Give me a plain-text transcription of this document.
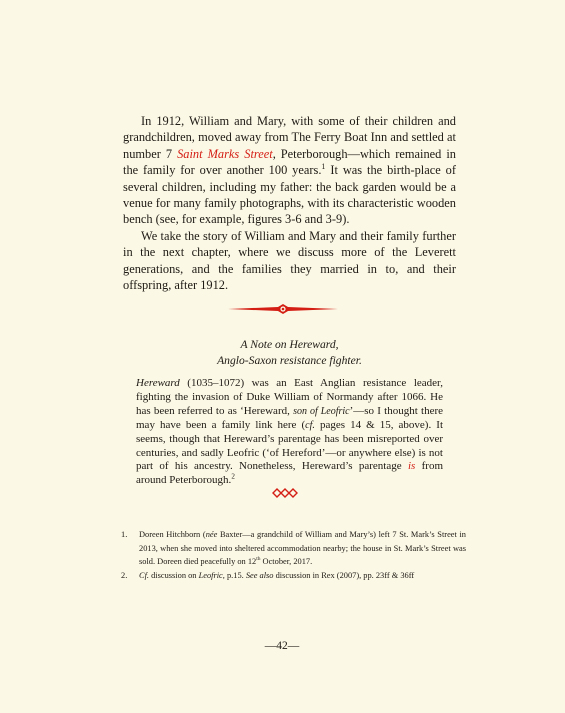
In 1912, William and Mary, with some of their children and grandchildren, moved away from The Ferry Boat Inn and settled at number 7 Saint Marks Street, Peterborough—which remained in the family for over another 100 years.$^1$ It was the birth-place of several children, including my father: the back garden would be a venue for many family photographs, with its characteristic wooden bench (see, for example, figures 3-6 and 3-9).

We take the story of William and Mary and their family further in the next chapter, where we discuss more of the Leverett generations, and the families they married in to, and their offspring, after 1912.

A Note on Hereward,
Anglo-Saxon resistance fighter.
Hereward (1035–1072) was an East Anglian resistance leader, fighting the invasion of Duke William of Normandy after 1066. He has been referred to as ‘Hereward, son of Leofric’—so I thought there may have been a family link here (cf. pages 14 & 15, above). It seems, though that Hereward’s parentage has been misreported over centuries, and sadly Leofric (‘of Hereford’—or anywhere else) is not part of his ancestry. Nonetheless, Hereward’s parentage is from around Peterborough.$^2$
1. Doreen Hitchborn (née Baxter—a grandchild of William and Mary’s) left 7 St. Mark’s Street in 2013, when she moved into sheltered accommodation nearby; the house in St. Mark’s Street was sold. Doreen died peacefully on 12th October, 2017.
2. Cf. discussion on Leofric, p.15. See also discussion in Rex (2007), pp. 23ff & 36ff
—42—
